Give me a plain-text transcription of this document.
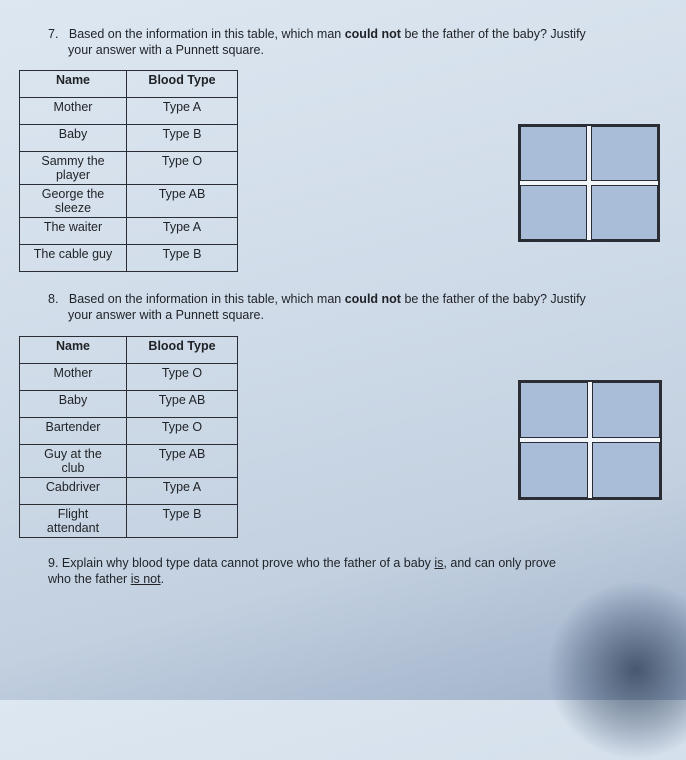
7. Based on the information in this table, which man could not be the father of the baby? Justify
your answer with a Punnett square.
Name	Blood Type
Mother	Type A
Baby	Type B
Sammy the
player	Type O
George the
sleeze	Type AB
The waiter	Type A
The cable guy	Type B
8. Based on the information in this table, which man could not be the father of the baby? Justify
your answer with a Punnett square.
Name	Blood Type
Mother	Type O
Baby	Type AB
Bartender	Type O
Guy at the
club	Type AB
Cabdriver	Type A
Flight
attendant	Type B
9. Explain why blood type data cannot prove who the father of a baby is, and can only prove
who the father is not.
